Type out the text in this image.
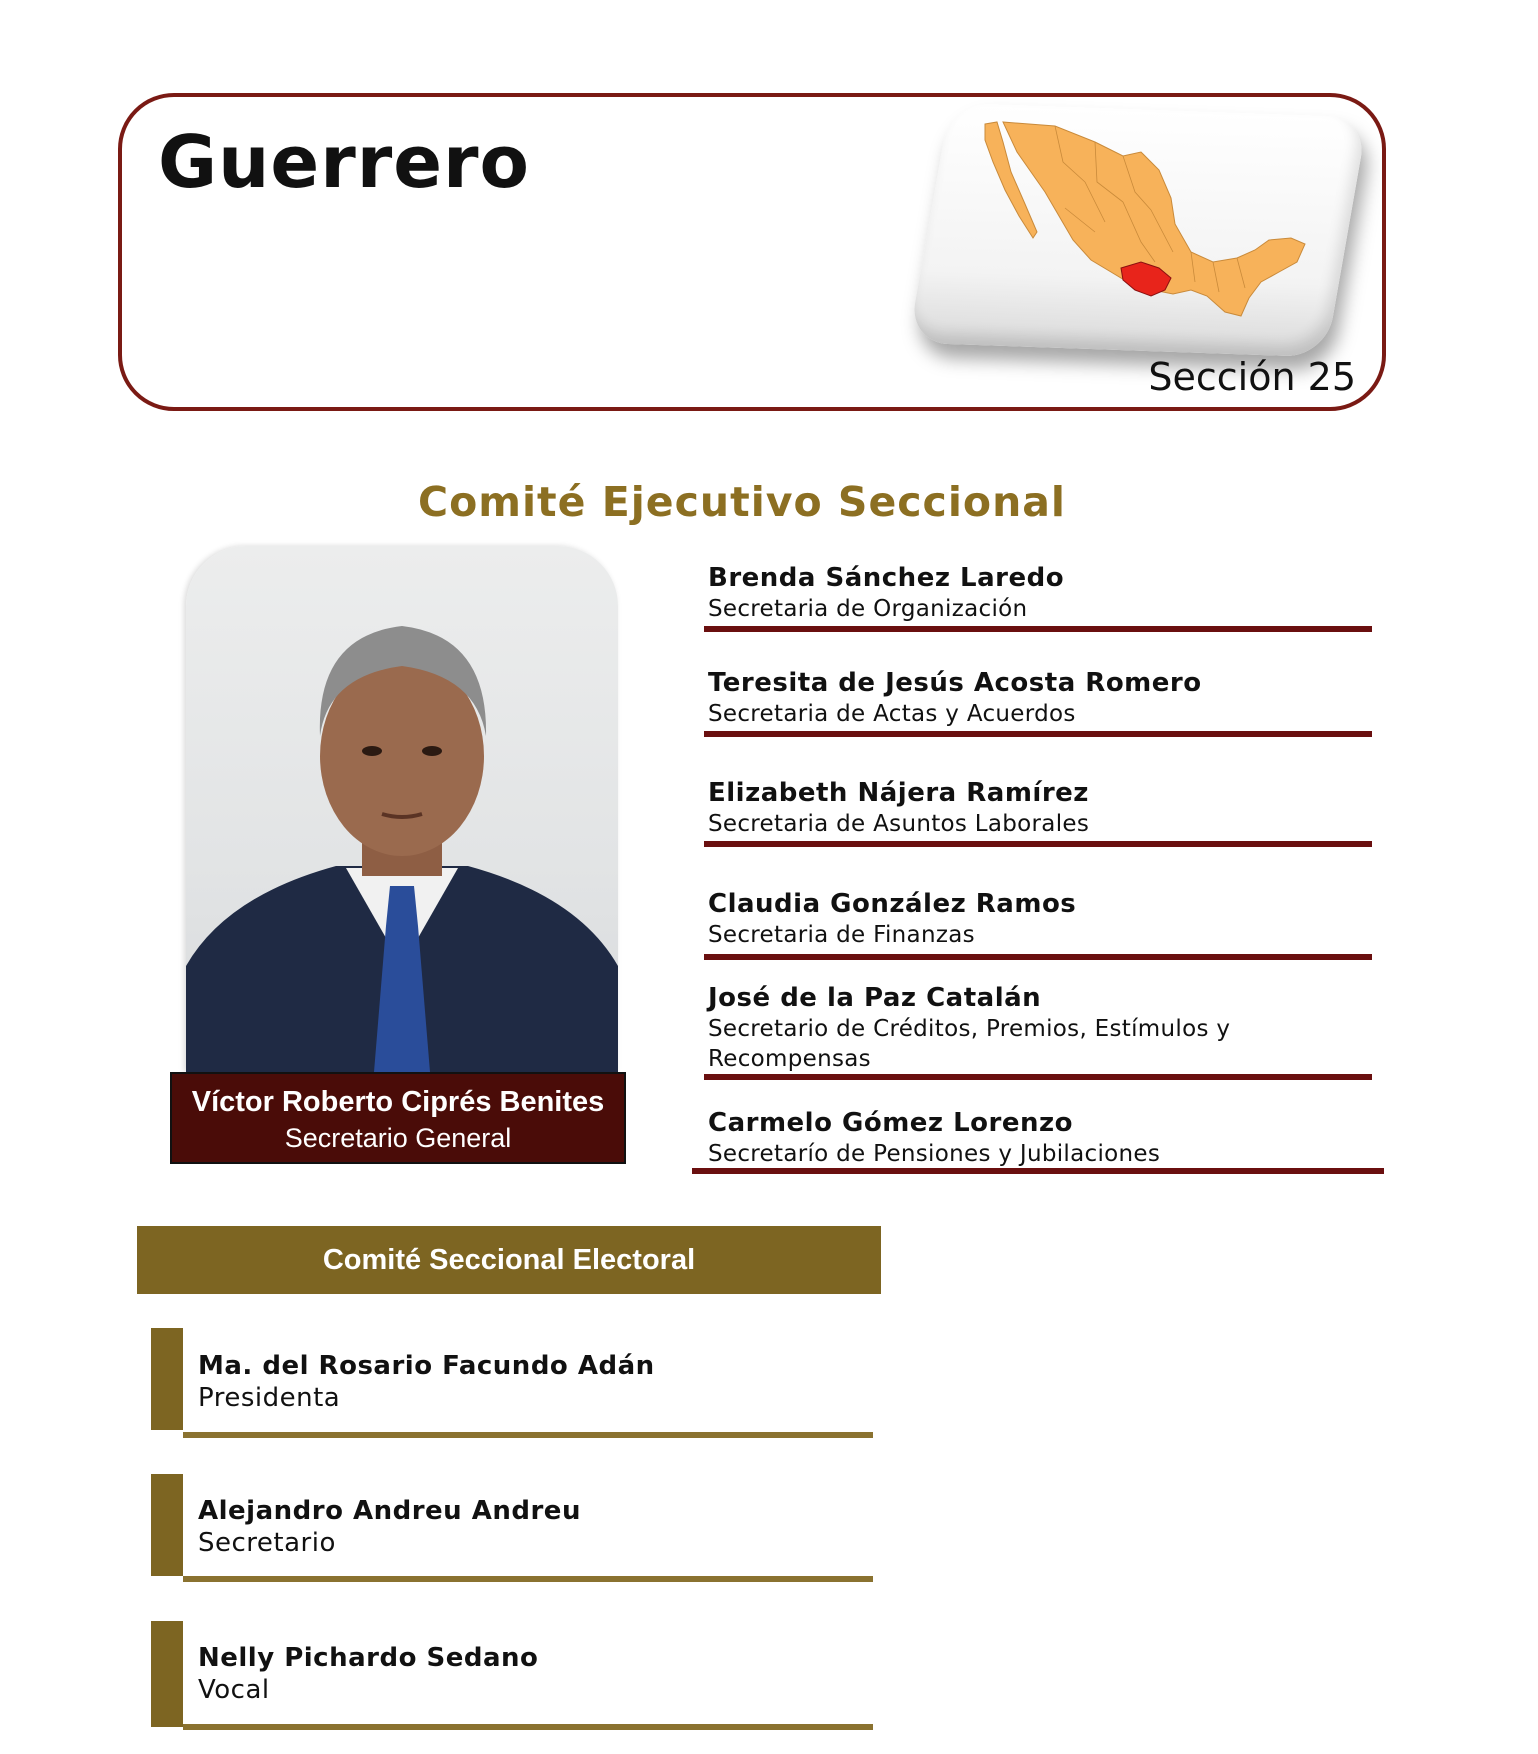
Guerrero
Sección 25
Comité Ejecutivo Seccional
Víctor Roberto Ciprés Benites
Secretario General
Brenda Sánchez Laredo
Secretaria de Organización
Teresita de Jesús Acosta Romero
Secretaria de Actas y Acuerdos
Elizabeth Nájera Ramírez
Secretaria de Asuntos Laborales
Claudia González Ramos
Secretaria de Finanzas
José de la Paz Catalán
Secretario de Créditos, Premios, Estímulos y
Recompensas
Carmelo Gómez Lorenzo
Secretarío de Pensiones y Jubilaciones
Comité Seccional Electoral
Ma. del Rosario Facundo Adán
Presidenta
Alejandro Andreu Andreu
Secretario
Nelly Pichardo Sedano
Vocal
